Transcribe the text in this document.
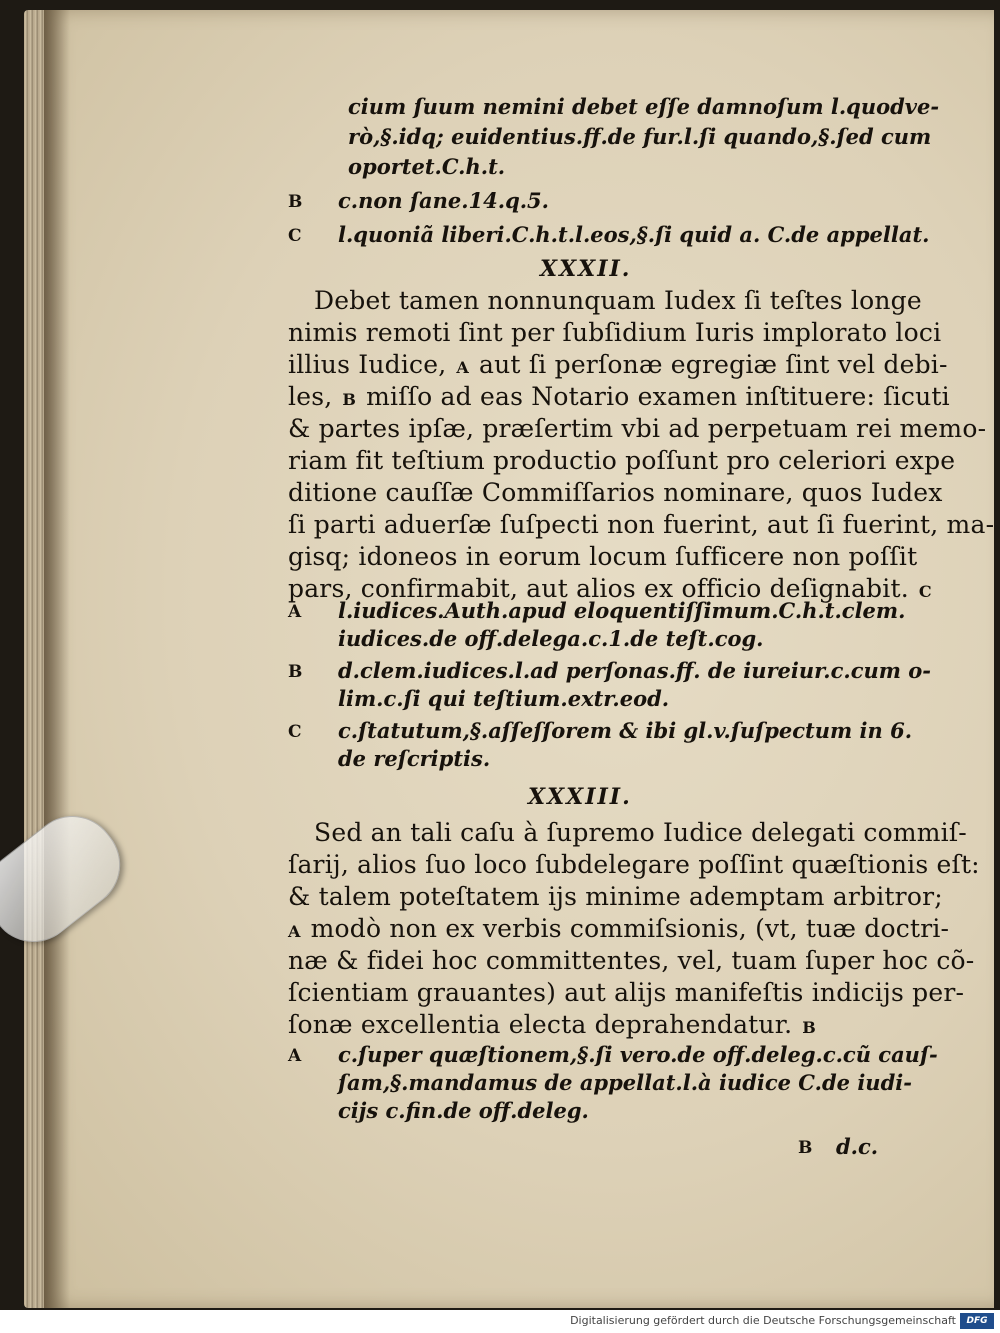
cium ſuum nemini debet eſſe damnoſum l.quodve-
rò,§.idq; euidentius.ff.de fur.l.ſi quando,§.ſed cum
oportet.C.h.t.
B c.non ſane.14.q.5.
C l.quoniã liberi.C.h.t.l.eos,§.ſi quid a. C.de appellat.
XXXII.
Debet tamen nonnunquam Iudex ſi teſtes longe
nimis remoti ſint per ſubſidium Iuris implorato loci
illius Iudice, A aut ſi perſonæ egregiæ ſint vel debi-
les, B miſſo ad eas Notario examen inſtituere: ſicuti
& partes ipſæ, præſertim vbi ad perpetuam rei memo-
riam fit teſtium productio poſſunt pro celeriori expe
ditione cauſſæ Commiſſarios nominare, quos Iudex
ſi parti aduerſæ ſuſpecti non fuerint, aut ſi fuerint, ma-
gisq; idoneos in eorum locum ſufficere non poſſit
pars, confirmabit, aut alios ex officio deſignabit. C
A l.iudices.Auth.apud eloquentiſſimum.C.h.t.clem.
iudices.de off.delega.c.1.de teſt.cog.
B d.clem.iudices.l.ad perſonas.ff. de iureiur.c.cum o-
lim.c.ſi qui teſtium.extr.eod.
C c.ſtatutum,§.aſſeſſorem & ibi gl.v.ſuſpectum in 6.
de reſcriptis.
XXXIII.
Sed an tali caſu à ſupremo Iudice delegati commiſ-
ſarij, alios ſuo loco ſubdelegare poſſint quæſtionis eſt:
& talem poteſtatem ijs minime ademptam arbitror;
A modò non ex verbis commiſsionis, (vt, tuæ doctri-
næ & fidei hoc committentes, vel, tuam ſuper hoc cõ-
ſcientiam grauantes) aut alijs manifeſtis indicijs per-
ſonæ excellentia electa deprahendatur. B
A c.ſuper quæſtionem,§.ſi vero.de off.deleg.c.cũ cauſ-
ſam,§.mandamus de appellat.l.à iudice C.de iudi-
cijs c.fin.de off.deleg.
B d.c.
Digitalisierung gefördert durch die Deutsche Forschungsgemeinschaft	DFG
